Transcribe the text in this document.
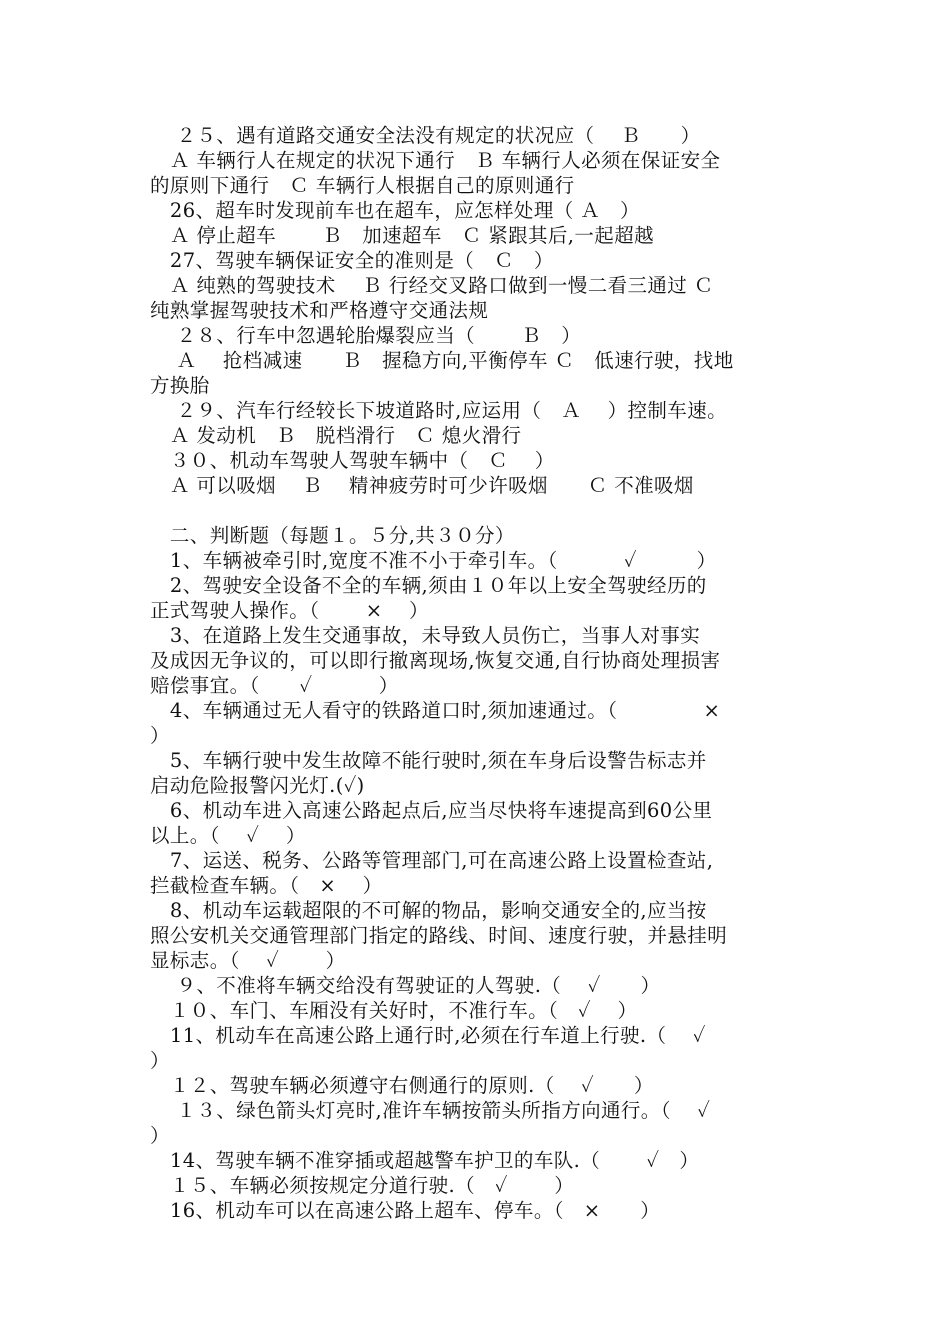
　 ２５、遇有道路交通安全法没有规定的状况应（　 Ｂ　　）
　Ａ 车辆行人在规定的状况下通行　Ｂ 车辆行人必须在保证安全
的原则下通行　Ｃ 车辆行人根据自己的原则通行
　26、超车时发现前车也在超车，应怎样处理（ Ａ　）
　Ａ 停止超车　　 Ｂ　加速超车　Ｃ 紧跟其后,一起超越
　27、驾驶车辆保证安全的准则是（　Ｃ　）
　Ａ 纯熟的驾驶技术　 Ｂ 行经交叉路口做到一慢二看三通过 Ｃ
纯熟掌握驾驶技术和严格遵守交通法规
　 ２８、行车中忽遇轮胎爆裂应当（　　 Ｂ　）
　 Ａ　 抢档减速　　Ｂ　握稳方向,平衡停车 Ｃ　低速行驶，找地
方换胎
　 ２９、汽车行经较长下坡道路时,应运用（　Ａ　 ）控制车速。
　Ａ 发动机　Ｂ　脱档滑行　Ｃ 熄火滑行
　３０、机动车驾驶人驾驶车辆中（　Ｃ　 ）
　Ａ 可以吸烟　 Ｂ　 精神疲劳时可少许吸烟　　Ｃ 不准吸烟
　二、判断题（每题１。５分,共３０分）
　1、车辆被牵引时,宽度不准不小于牵引车。（　　　 ✓　　　）
　2、驾驶安全设备不全的车辆,须由１０年以上安全驾驶经历的
正式驾驶人操作。（　　 ×　 ）
　3、在道路上发生交通事故，未导致人员伤亡，当事人对事实
及成因无争议的，可以即行撤离现场,恢复交通,自行协商处理损害
赔偿事宜。（　　✓　　　 ）
　4、车辆通过无人看守的铁路道口时,须加速通过。（　　　　 ×
）
　5、车辆行驶中发生故障不能行驶时,须在车身后设警告标志并
启动危险报警闪光灯.(✓)
　6、机动车进入高速公路起点后,应当尽快将车速提高到60公里
以上。（　 ✓　 ）
　7、运送、税务、公路等管理部门,可在高速公路上设置检查站,
拦截检查车辆。（　×　 ）
　8、机动车运载超限的不可解的物品，影响交通安全的,应当按
照公安机关交通管理部门指定的路线、时间、速度行驶，并悬挂明
显标志。（　 ✓　　 ）
　 ９、不准将车辆交给没有驾驶证的人驾驶.（　 ✓　　）
　１０、车门、车厢没有关好时，不准行车。（　✓　 ）
　11、机动车在高速公路上通行时,必须在行车道上行驶.（　 ✓
）
　１２、驾驶车辆必须遵守右侧通行的原则.（　 ✓　　）
　 １３、绿色箭头灯亮时,准许车辆按箭头所指方向通行。（　 ✓
）
　14、驾驶车辆不准穿插或超越警车护卫的车队.（　　 ✓　）
　１５、车辆必须按规定分道行驶.（　✓　　 ）
　16、机动车可以在高速公路上超车、停车。（　×　　）
